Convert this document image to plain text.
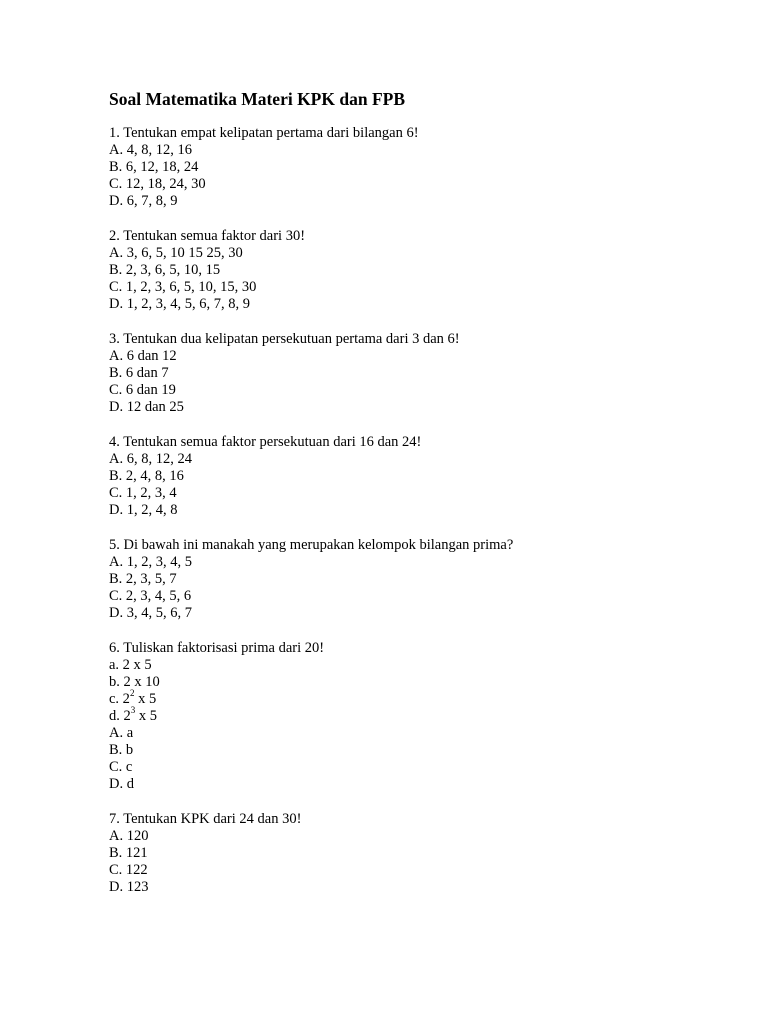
Soal Matematika Materi KPK dan FPB
1. Tentukan empat kelipatan pertama dari bilangan 6!
A. 4, 8, 12, 16
B. 6, 12, 18, 24
C. 12, 18, 24, 30
D. 6, 7, 8, 9
2. Tentukan semua faktor dari 30!
A. 3, 6, 5, 10 15 25, 30
B. 2, 3, 6, 5, 10, 15
C. 1, 2, 3, 6, 5, 10, 15, 30
D. 1, 2, 3, 4, 5, 6, 7, 8, 9
3. Tentukan dua kelipatan persekutuan pertama dari 3 dan 6!
A. 6 dan 12
B. 6 dan 7
C. 6 dan 19
D. 12 dan 25
4. Tentukan semua faktor persekutuan dari 16 dan 24!
A. 6, 8, 12, 24
B. 2, 4, 8, 16
C. 1, 2, 3, 4
D. 1, 2, 4, 8
5. Di bawah ini manakah yang merupakan kelompok bilangan prima?
A. 1, 2, 3, 4, 5
B. 2, 3, 5, 7
C. 2, 3, 4, 5, 6
D. 3, 4, 5, 6, 7
6. Tuliskan faktorisasi prima dari 20!
a. 2 x 5
b. 2 x 10
c. $2^2$ x 5
d. $2^3$ x 5
A. a
B. b
C. c
D. d
7. Tentukan KPK dari 24 dan 30!
A. 120
B. 121
C. 122
D. 123
